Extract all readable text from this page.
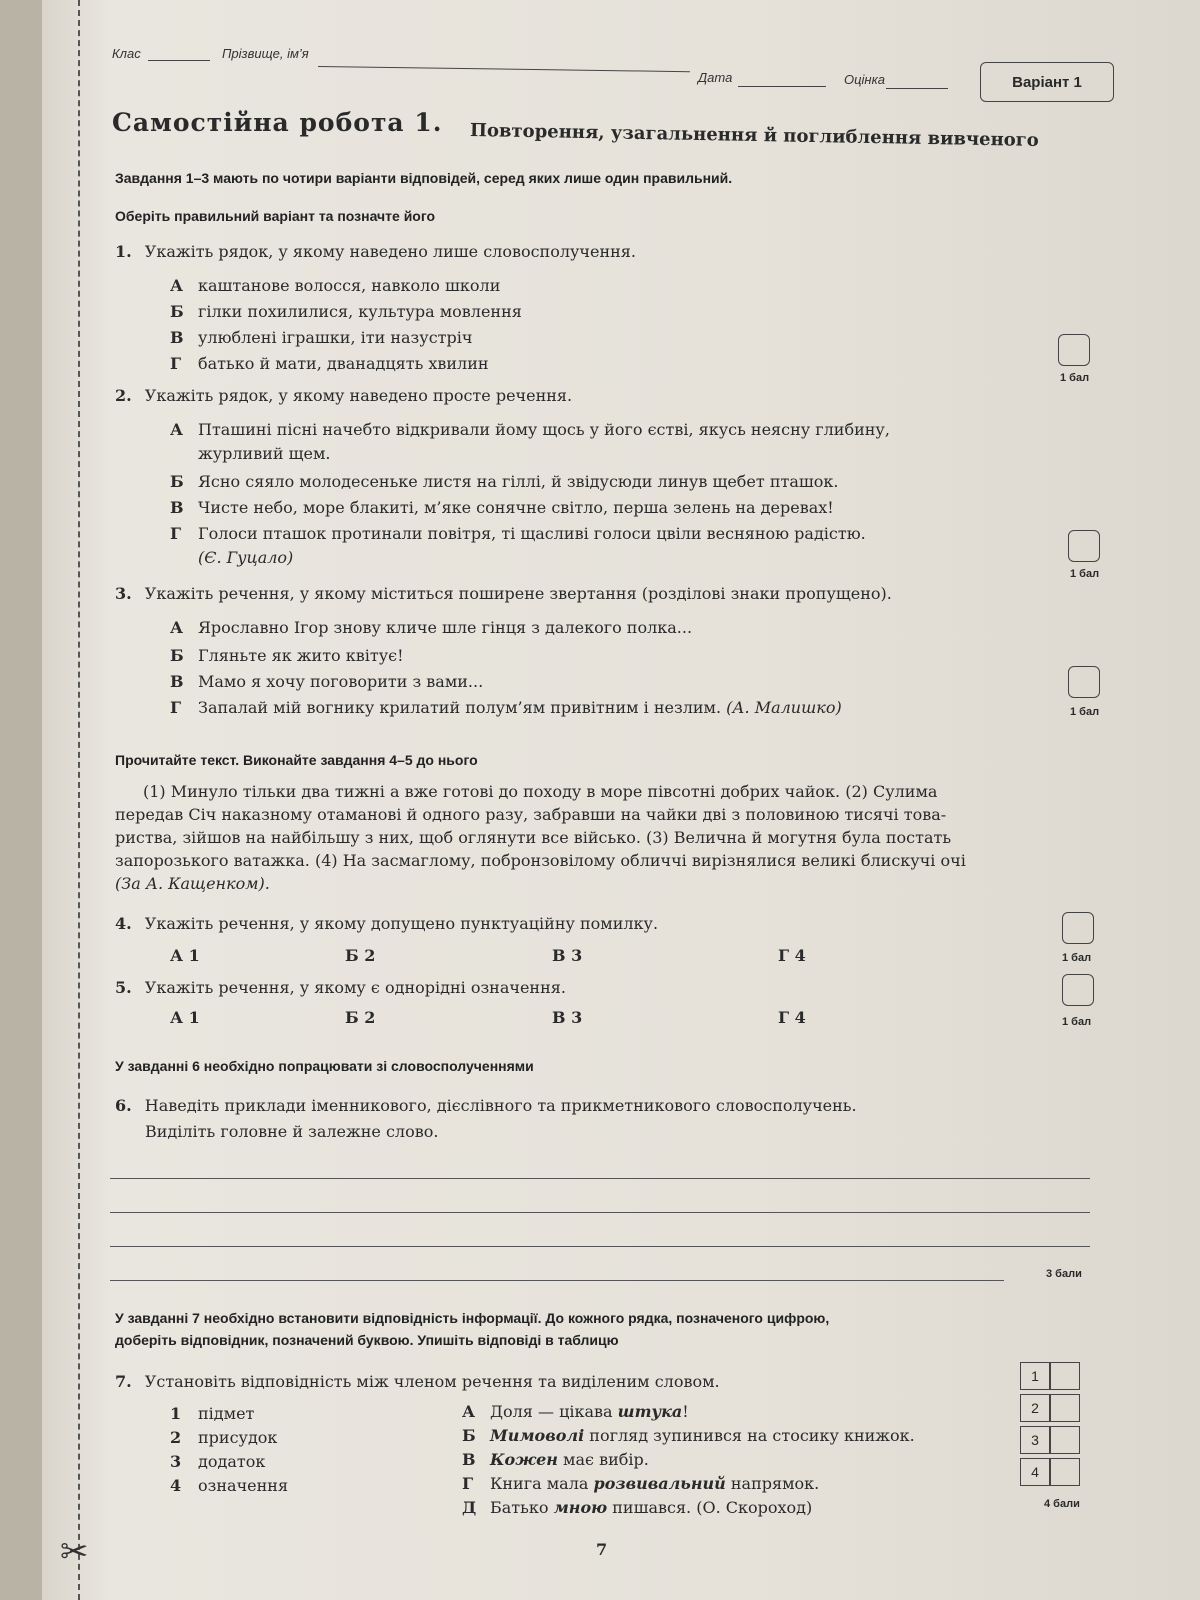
✂
Клас	Прізвище, ім’я
Дата	Оцінка	Варіант 1
Самостійна робота 1. Повторення, узагальнення й поглиблення вивченого
Завдання 1–3 мають по чотири варіанти відповідей, серед яких лише один правильний.
Оберіть правильний варіант та позначте його
1. Укажіть рядок, у якому наведено лише словосполучення.
А каштанове волосся, навколо школи
Б гілки похилилися, культура мовлення
В улюблені іграшки, іти назустріч
Г батько й мати, дванадцять хвилин
1 бал
2. Укажіть рядок, у якому наведено просте речення.
А Пташині пісні начебто відкривали йому щось у його єстві, якусь неясну глибину,
журливий щем.
Б Ясно сяяло молодесеньке листя на гіллі, й звідусюди линув щебет пташок.
В Чисте небо, море блакиті, м’яке сонячне світло, перша зелень на деревах!
Г Голоси пташок протинали повітря, ті щасливі голоси цвіли весняною радістю.
(Є. Гуцало)
1 бал
3. Укажіть речення, у якому міститься поширене звертання (розділові знаки пропущено).
А Ярославно Ігор знову кличе шле гінця з далекого полка...
Б Гляньте як жито квітує!
В Мамо я хочу поговорити з вами...
Г Запалай мій вогнику крилатий полум’ям привітним і незлим. (А. Малишко)	1 бал
Прочитайте текст. Виконайте завдання 4–5 до нього
(1) Минуло тільки два тижні а вже готові до походу в море півсотні добрих чайок. (2) Сулима
передав Січ наказному отаманові й одного разу, забравши на чайки дві з половиною тисячі това-
риства, зійшов на найбільшу з них, щоб оглянути все військо. (3) Велична й могутня була постать
запорозького ватажка. (4) На засмаглому, побронзовілому обличчі вирізнялися великі блискучі очі
(За А. Кащенком).
4. Укажіть речення, у якому допущено пунктуаційну помилку.
А 1	Б 2	В 3	Г 4	1 бал
5. Укажіть речення, у якому є однорідні означення.
А 1	Б 2	В 3	Г 4	1 бал
У завданні 6 необхідно попрацювати зі словосполученнями
6. Наведіть приклади іменникового, дієслівного та прикметникового словосполучень.
Виділіть головне й залежне слово.
3 бали
У завданні 7 необхідно встановити відповідність інформації. До кожного рядка, позначеного цифрою,
доберіть відповідник, позначений буквою. Упишіть відповіді в таблицю
7. Установіть відповідність між членом речення та виділеним словом.
1 підмет
2 присудок
3 додаток
4 означення
А Доля — цікава штука!
Б Мимоволі погляд зупинився на стосику книжок.
В Кожен має вибір.
Г Книга мала розвивальний напрямок.
Д Батько мною пишався. (О. Скороход)
1
2
3
4
4 бали
7
